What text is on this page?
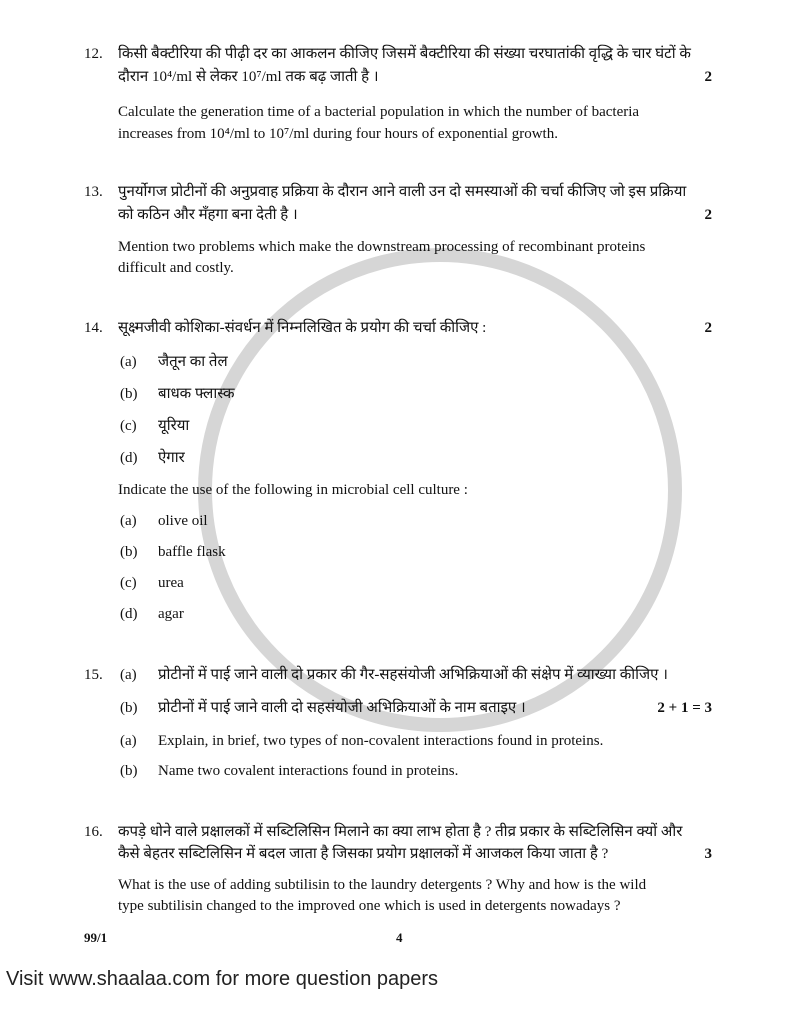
12.	किसी बैक्टीरिया की पीढ़ी दर का आकलन कीजिए जिसमें बैक्टीरिया की संख्या चरघातांकी वृद्धि के चार घंटों के
दौरान 10⁴/ml से लेकर 10⁷/ml तक बढ़ जाती है ।	2
Calculate the generation time of a bacterial population in which the number of bacteria
increases from 10⁴/ml to 10⁷/ml during four hours of exponential growth.
13.	पुनर्योगज प्रोटीनों की अनुप्रवाह प्रक्रिया के दौरान आने वाली उन दो समस्याओं की चर्चा कीजिए जो इस प्रक्रिया
को कठिन और मँहगा बना देती है ।	2
Mention two problems which make the downstream processing of recombinant proteins
difficult and costly.
14.	सूक्ष्मजीवी कोशिका-संवर्धन में निम्नलिखित के प्रयोग की चर्चा कीजिए :	2
(a)	जैतून का तेल
(b)	बाधक फ्लास्क
(c)	यूरिया
(d)	ऐगार
Indicate the use of the following in microbial cell culture :
(a)	olive oil
(b)	baffle flask
(c)	urea
(d)	agar
15.	(a)	प्रोटीनों में पाई जाने वाली दो प्रकार की गैर-सहसंयोजी अभिक्रियाओं की संक्षेप में व्याख्या कीजिए ।
(b)	प्रोटीनों में पाई जाने वाली दो सहसंयोजी अभिक्रियाओं के नाम बताइए ।	2 + 1 = 3
(a)	Explain, in brief, two types of non-covalent interactions found in proteins.
(b)	Name two covalent interactions found in proteins.
16.	कपड़े धोने वाले प्रक्षालकों में सब्टिलिसिन मिलाने का क्या लाभ होता है ? तीव्र प्रकार के सब्टिलिसिन क्यों और
कैसे बेहतर सब्टिलिसिन में बदल जाता है जिसका प्रयोग प्रक्षालकों में आजकल किया जाता है ?	3
What is the use of adding subtilisin to the laundry detergents ? Why and how is the wild
type subtilisin changed to the improved one which is used in detergents nowadays ?
99/1	4
Visit www.shaalaa.com for more question papers
